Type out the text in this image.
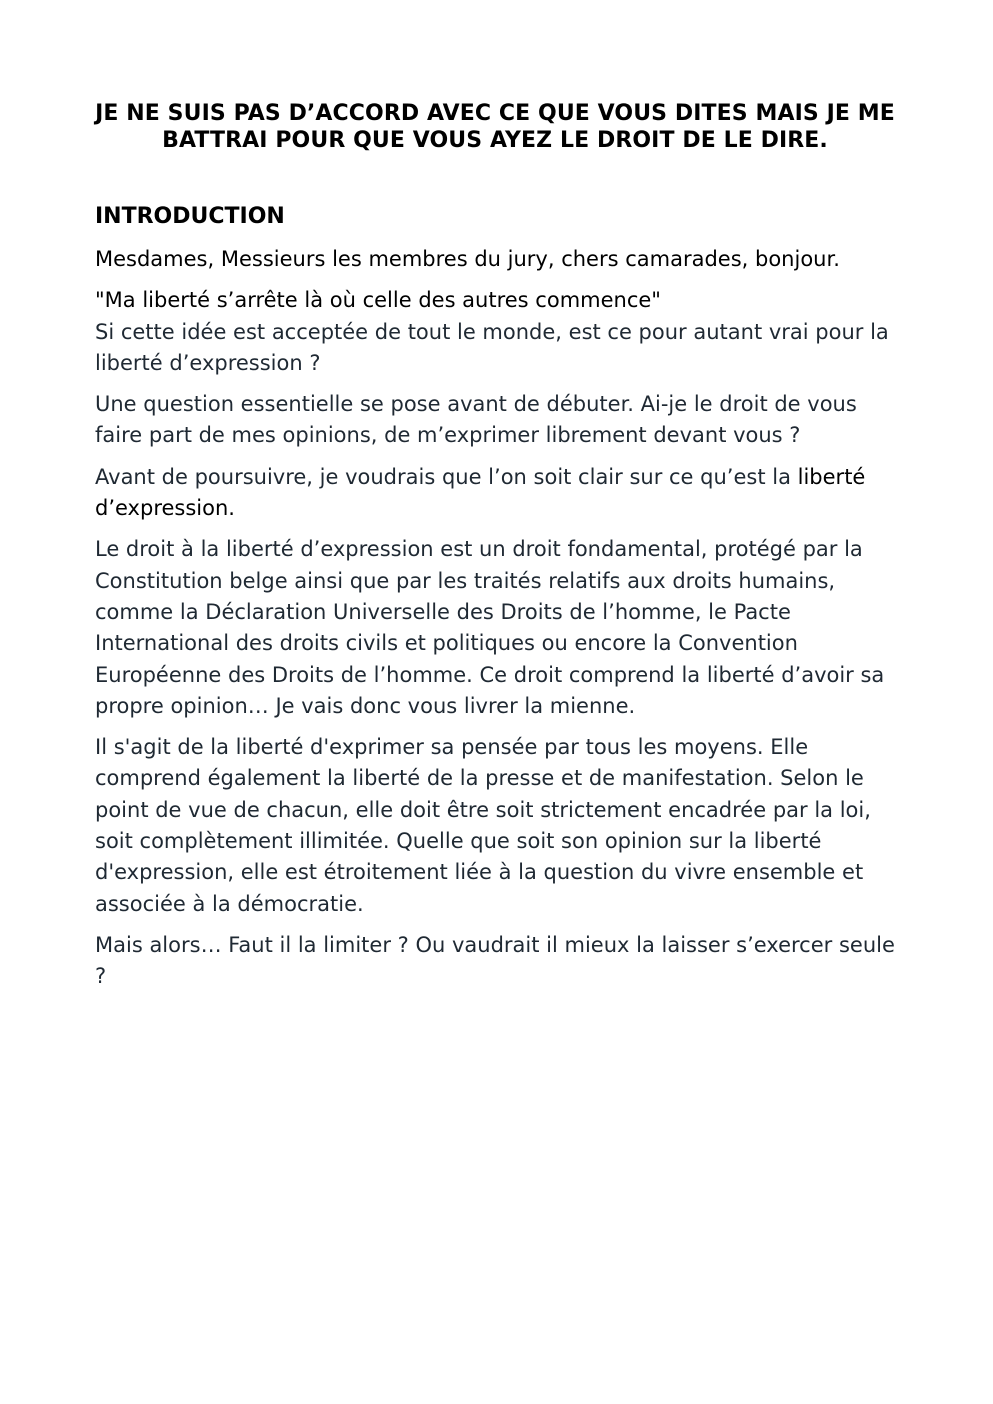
JE NE SUIS PAS D’ACCORD AVEC CE QUE VOUS DITES MAIS JE ME BATTRAI POUR QUE VOUS AYEZ LE DROIT DE LE DIRE.
INTRODUCTION

Mesdames, Messieurs les membres du jury, chers camarades, bonjour.

"Ma liberté s’arrête là où celle des autres commence"
Si cette idée est acceptée de tout le monde, est ce pour autant vrai pour la liberté d’expression ?

Une question essentielle se pose avant de débuter. Ai-je le droit de vous faire part de mes opinions, de m’exprimer librement devant vous ?

Avant de poursuivre, je voudrais que l’on soit clair sur ce qu’est la liberté d’expression.

Le droit à la liberté d’expression est un droit fondamental, protégé par la Constitution belge ainsi que par les traités relatifs aux droits humains, comme la Déclaration Universelle des Droits de l’homme, le Pacte International des droits civils et politiques ou encore la Convention Européenne des Droits de l’homme. Ce droit comprend la liberté d’avoir sa propre opinion… Je vais donc vous livrer la mienne.

Il s'agit de la liberté d'exprimer sa pensée par tous les moyens. Elle comprend également la liberté de la presse et de manifestation. Selon le point de vue de chacun, elle doit être soit strictement encadrée par la loi, soit complètement illimitée. Quelle que soit son opinion sur la liberté d'expression, elle est étroitement liée à la question du vivre ensemble et associée à la démocratie.

Mais alors… Faut il la limiter ? Ou vaudrait il mieux la laisser s’exercer seule ?
